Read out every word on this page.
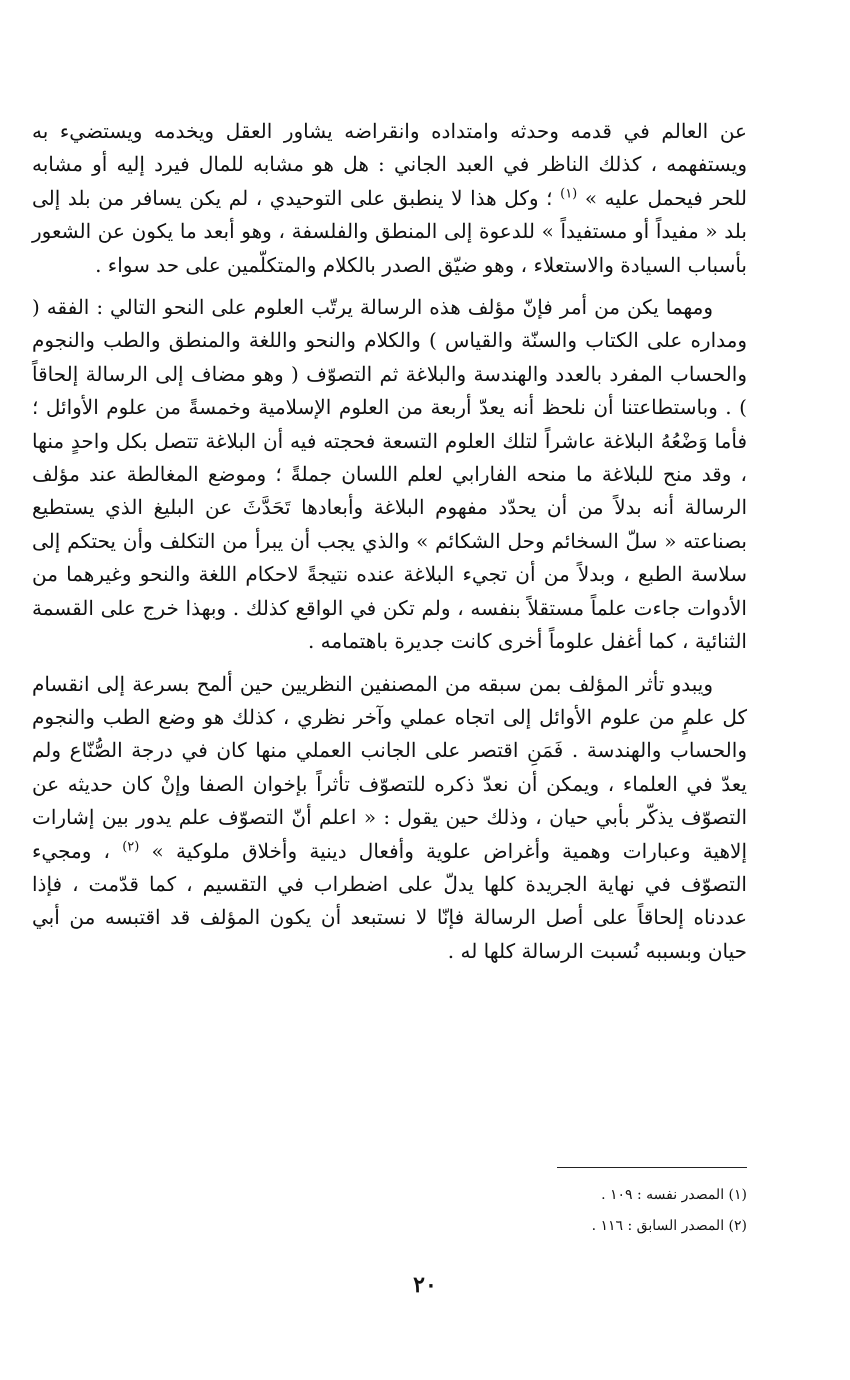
عن العالم في قدمه وحدثه وامتداده وانقراضه يشاور العقل ويخدمه ويستضيء به ويستفهمه ، كذلك الناظر في العبد الجاني : هل هو مشابه للمال فيرد إليه أو مشابه للحر فيحمل عليه » $^{(١)}$ ؛ وكل هذا لا ينطبق على التوحيدي ، لم يكن يسافر من بلد إلى بلد « مفيداً أو مستفيداً » للدعوة إلى المنطق والفلسفة ، وهو أبعد ما يكون عن الشعور بأسباب السيادة والاستعلاء ، وهو ضيّق الصدر بالكلام والمتكلّمين على حد سواء .

ومهما يكن من أمر فإنّ مؤلف هذه الرسالة يرتّب العلوم على النحو التالي : الفقه ( ومداره على الكتاب والسنّة والقياس ) والكلام والنحو واللغة والمنطق والطب والنجوم والحساب المفرد بالعدد والهندسة والبلاغة ثم التصوّف ( وهو مضاف إلى الرسالة إلحاقاً ) . وباستطاعتنا أن نلحظ أنه يعدّ أربعة من العلوم الإسلامية وخمسةً من علوم الأوائل ؛ فأما وَضْعُهُ البلاغة عاشراً لتلك العلوم التسعة فحجته فيه أن البلاغة تتصل بكل واحدٍ منها ، وقد منح للبلاغة ما منحه الفارابي لعلم اللسان جملةً ؛ وموضع المغالطة عند مؤلف الرسالة أنه بدلاً من أن يحدّد مفهوم البلاغة وأبعادها تَحَدَّثَ عن البليغ الذي يستطيع بصناعته « سلّ السخائم وحل الشكائم » والذي يجب أن يبرأ من التكلف وأن يحتكم إلى سلاسة الطبع ، وبدلاً من أن تجيء البلاغة عنده نتيجةً لاحكام اللغة والنحو وغيرهما من الأدوات جاءت علماً مستقلاً بنفسه ، ولم تكن في الواقع كذلك . وبهذا خرج على القسمة الثنائية ، كما أغفل علوماً أخرى كانت جديرة باهتمامه .

ويبدو تأثر المؤلف بمن سبقه من المصنفين النظريين حين ألمح بسرعة إلى انقسام كل علمٍ من علوم الأوائل إلى اتجاه عملي وآخر نظري ، كذلك هو وضع الطب والنجوم والحساب والهندسة . فَمَنِ اقتصر على الجانب العملي منها كان في درجة الصُّنّاع ولم يعدّ في العلماء ، ويمكن أن نعدّ ذكره للتصوّف تأثراً بإخوان الصفا وإنْ كان حديثه عن التصوّف يذكّر بأبي حيان ، وذلك حين يقول : « اعلم أنّ التصوّف علم يدور بين إشارات إلاهية وعبارات وهمية وأغراض علوية وأفعال دينية وأخلاق ملوكية » $^{(٢)}$ ، ومجيء التصوّف في نهاية الجريدة كلها يدلّ على اضطراب في التقسيم ، كما قدّمت ، فإذا عددناه إلحاقاً على أصل الرسالة فإنّا لا نستبعد أن يكون المؤلف قد اقتبسه من أبي حيان وبسببه نُسبت الرسالة كلها له .

(١) المصدر نفسه : ١٠٩ .

(٢) المصدر السابق : ١١٦ .

٢٠
